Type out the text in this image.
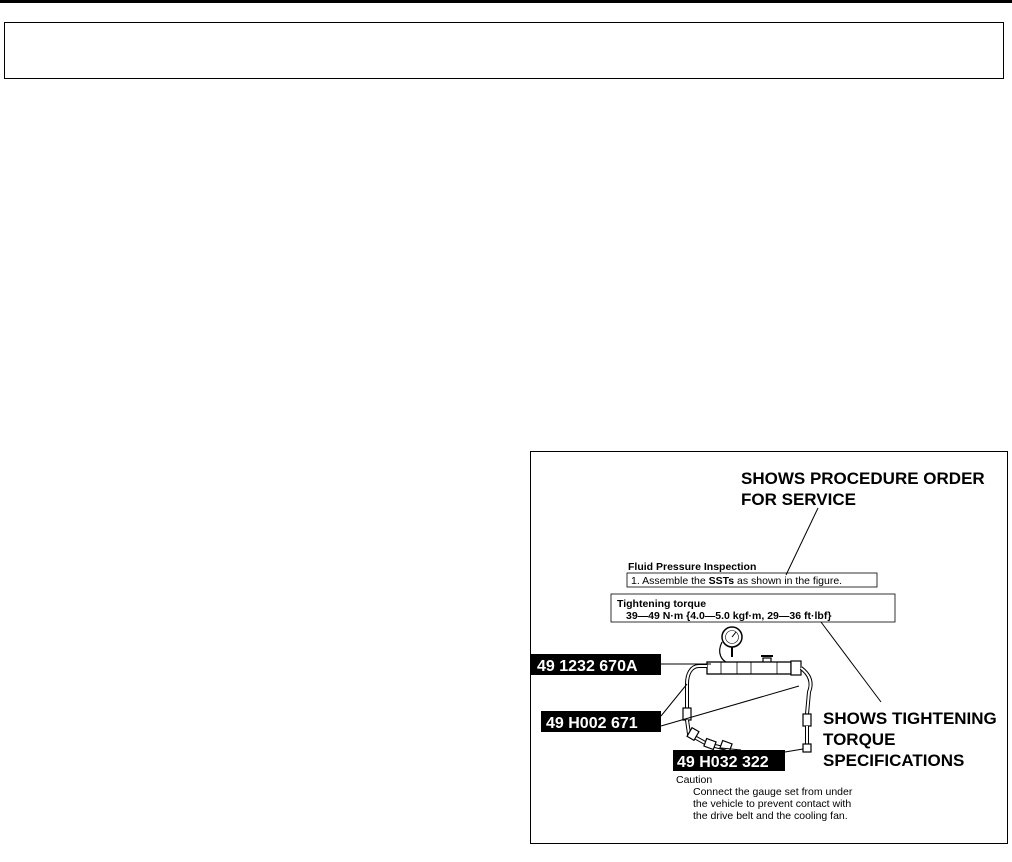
SHOWS PROCEDURE ORDER
FOR SERVICE
Fluid Pressure Inspection
1. Assemble the SSTs as shown in the figure.
Tightening torque
39—49 N·m {4.0—5.0 kgf·m, 29—36 ft·lbf}
SHOWS TIGHTENING
TORQUE
SPECIFICATIONS
49 1232 670A
49 H002 671
49 H032 322
Caution
Connect the gauge set from under
the vehicle to prevent contact with
the drive belt and the cooling fan.
